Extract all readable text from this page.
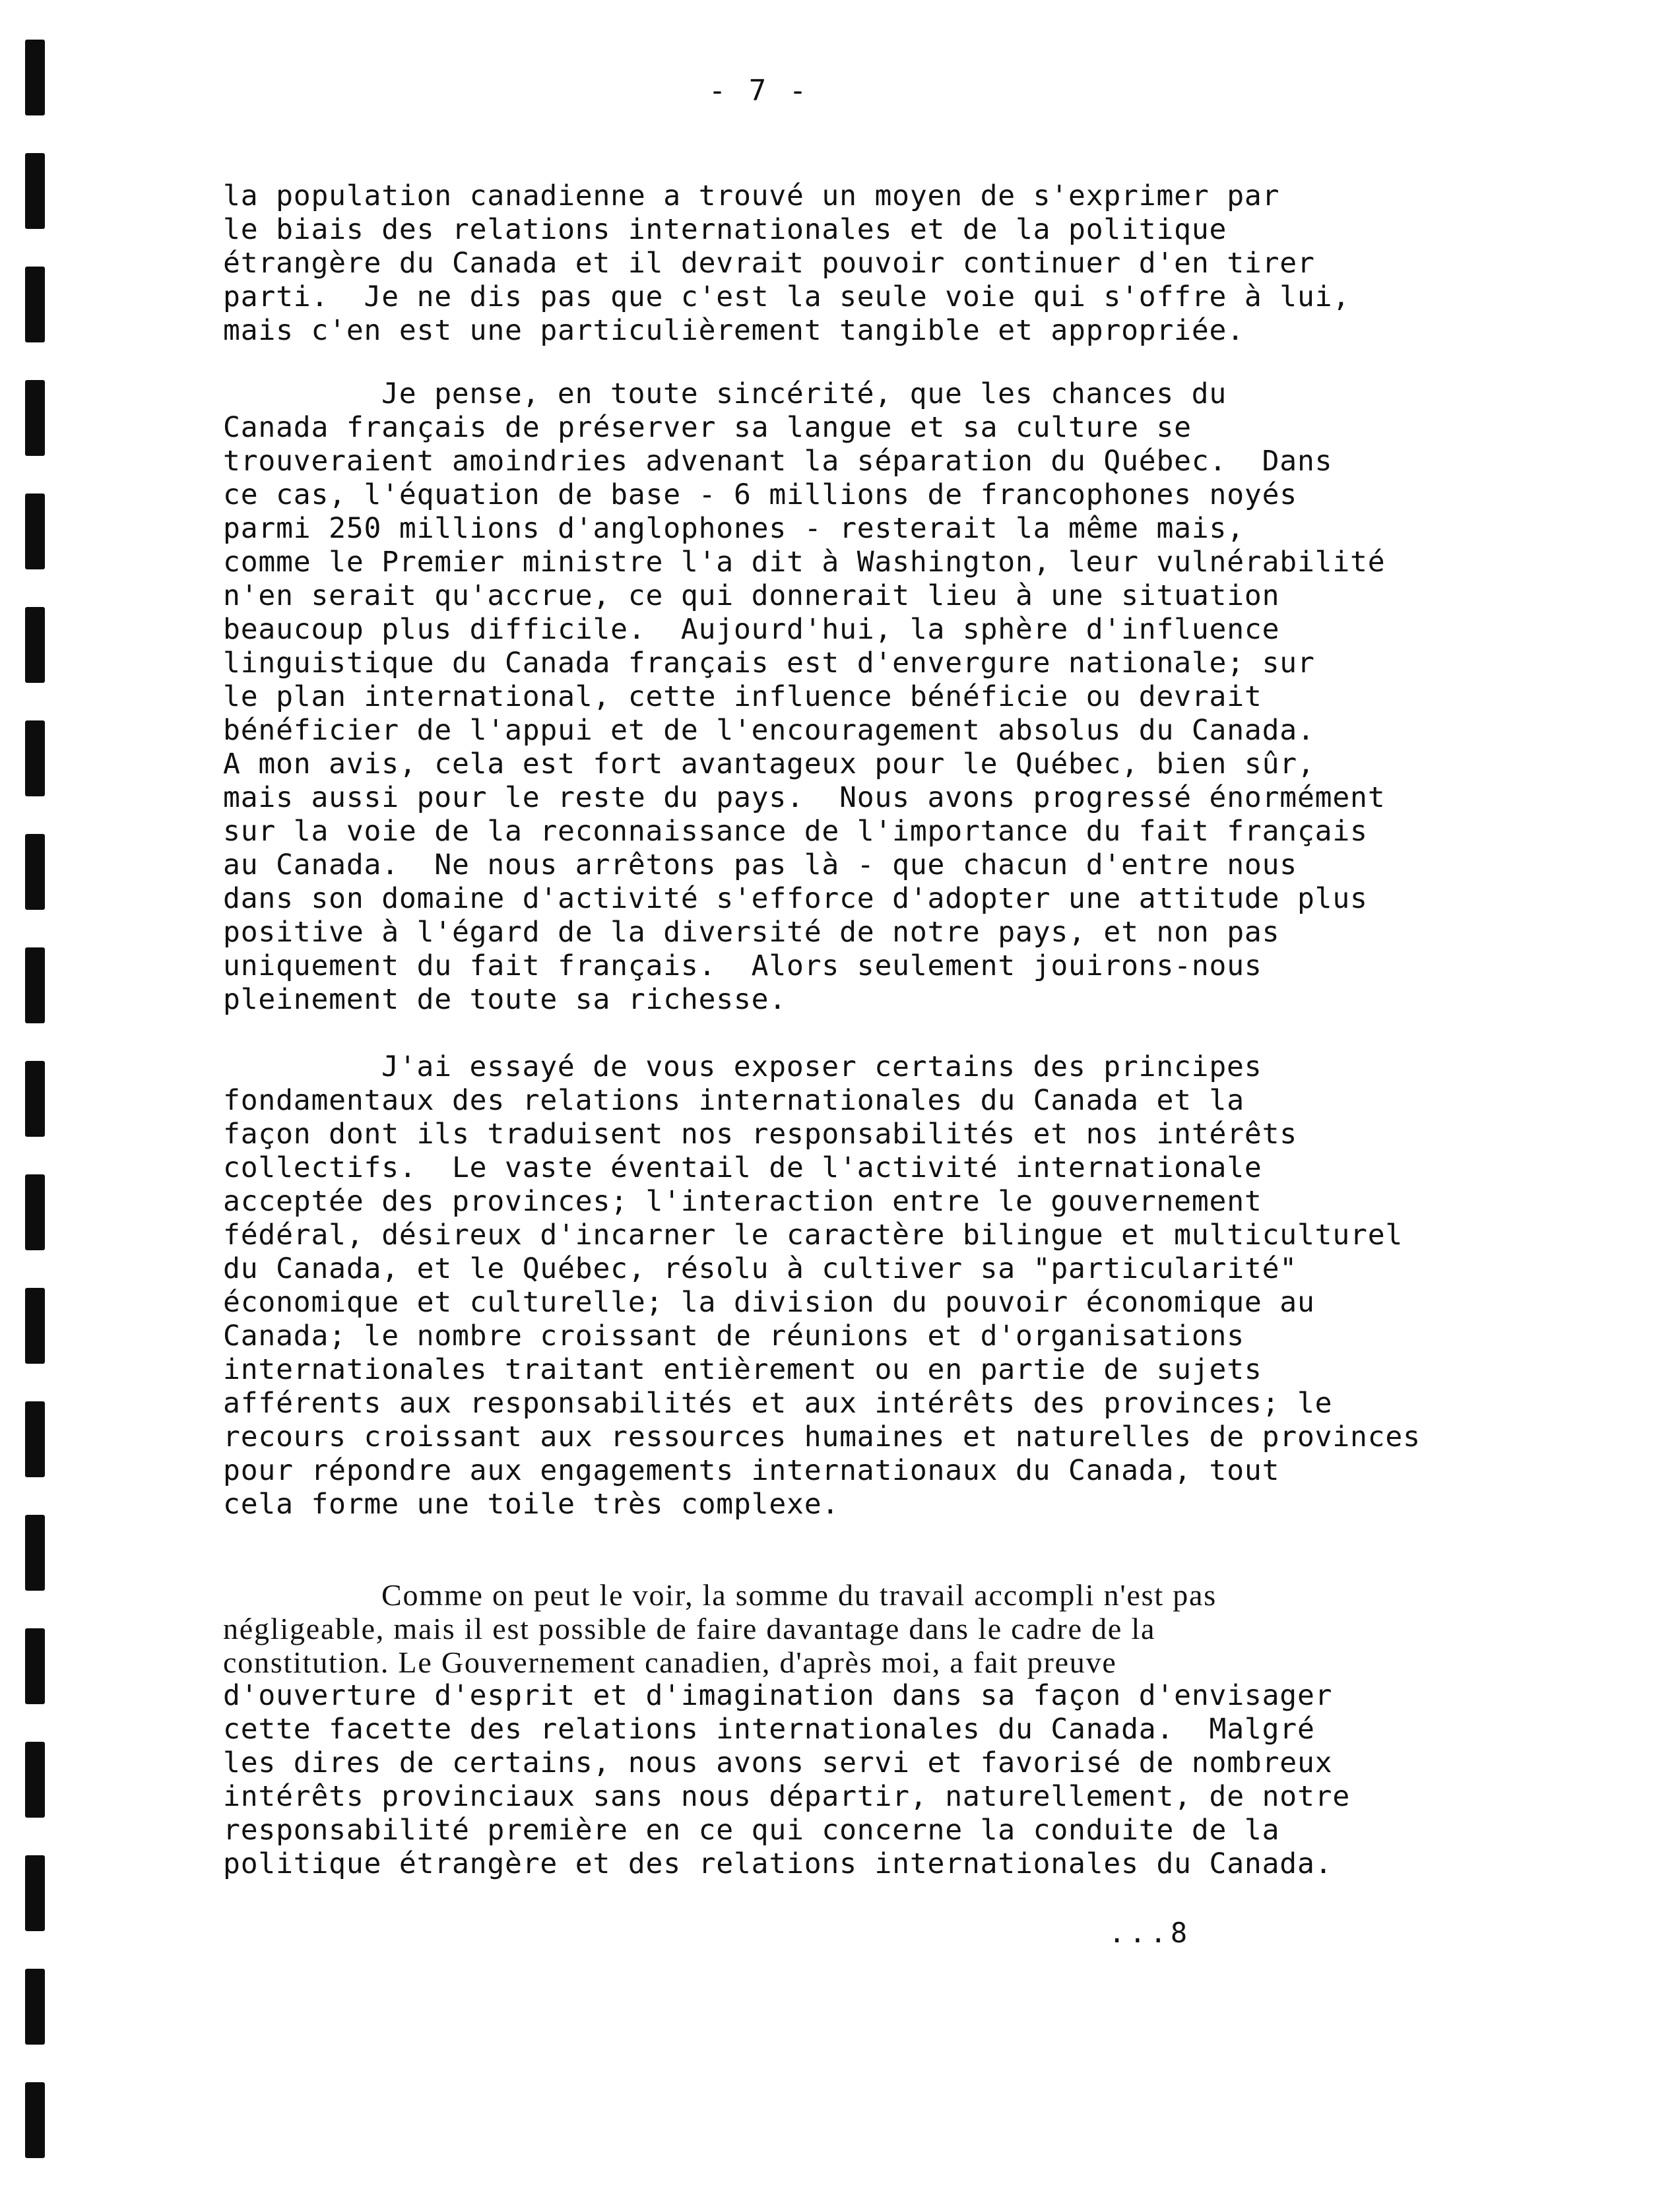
- 7 -
la population canadienne a trouvé un moyen de s'exprimer par
le biais des relations internationales et de la politique
étrangère du Canada et il devrait pouvoir continuer d'en tirer
parti.  Je ne dis pas que c'est la seule voie qui s'offre à lui,
mais c'en est une particulièrement tangible et appropriée.
Je pense, en toute sincérité, que les chances du
Canada français de préserver sa langue et sa culture se
trouveraient amoindries advenant la séparation du Québec.  Dans
ce cas, l'équation de base - 6 millions de francophones noyés
parmi 250 millions d'anglophones - resterait la même mais,
comme le Premier ministre l'a dit à Washington, leur vulnérabilité
n'en serait qu'accrue, ce qui donnerait lieu à une situation
beaucoup plus difficile.  Aujourd'hui, la sphère d'influence
linguistique du Canada français est d'envergure nationale; sur
le plan international, cette influence bénéficie ou devrait
bénéficier de l'appui et de l'encouragement absolus du Canada.
A mon avis, cela est fort avantageux pour le Québec, bien sûr,
mais aussi pour le reste du pays.  Nous avons progressé énormément
sur la voie de la reconnaissance de l'importance du fait français
au Canada.  Ne nous arrêtons pas là - que chacun d'entre nous
dans son domaine d'activité s'efforce d'adopter une attitude plus
positive à l'égard de la diversité de notre pays, et non pas
uniquement du fait français.  Alors seulement jouirons-nous
pleinement de toute sa richesse.
J'ai essayé de vous exposer certains des principes
fondamentaux des relations internationales du Canada et la
façon dont ils traduisent nos responsabilités et nos intérêts
collectifs.  Le vaste éventail de l'activité internationale
acceptée des provinces; l'interaction entre le gouvernement
fédéral, désireux d'incarner le caractère bilingue et multiculturel
du Canada, et le Québec, résolu à cultiver sa "particularité"
économique et culturelle; la division du pouvoir économique au
Canada; le nombre croissant de réunions et d'organisations
internationales traitant entièrement ou en partie de sujets
afférents aux responsabilités et aux intérêts des provinces; le
recours croissant aux ressources humaines et naturelles de provinces
pour répondre aux engagements internationaux du Canada, tout
cela forme une toile très complexe.
Comme on peut le voir, la somme du travail accompli n'est pas
négligeable, mais il est possible de faire davantage dans le cadre de la
constitution. Le Gouvernement canadien, d'après moi, a fait preuve
d'ouverture d'esprit et d'imagination dans sa façon d'envisager
cette facette des relations internationales du Canada.  Malgré
les dires de certains, nous avons servi et favorisé de nombreux
intérêts provinciaux sans nous départir, naturellement, de notre
responsabilité première en ce qui concerne la conduite de la
politique étrangère et des relations internationales du Canada.
...8
